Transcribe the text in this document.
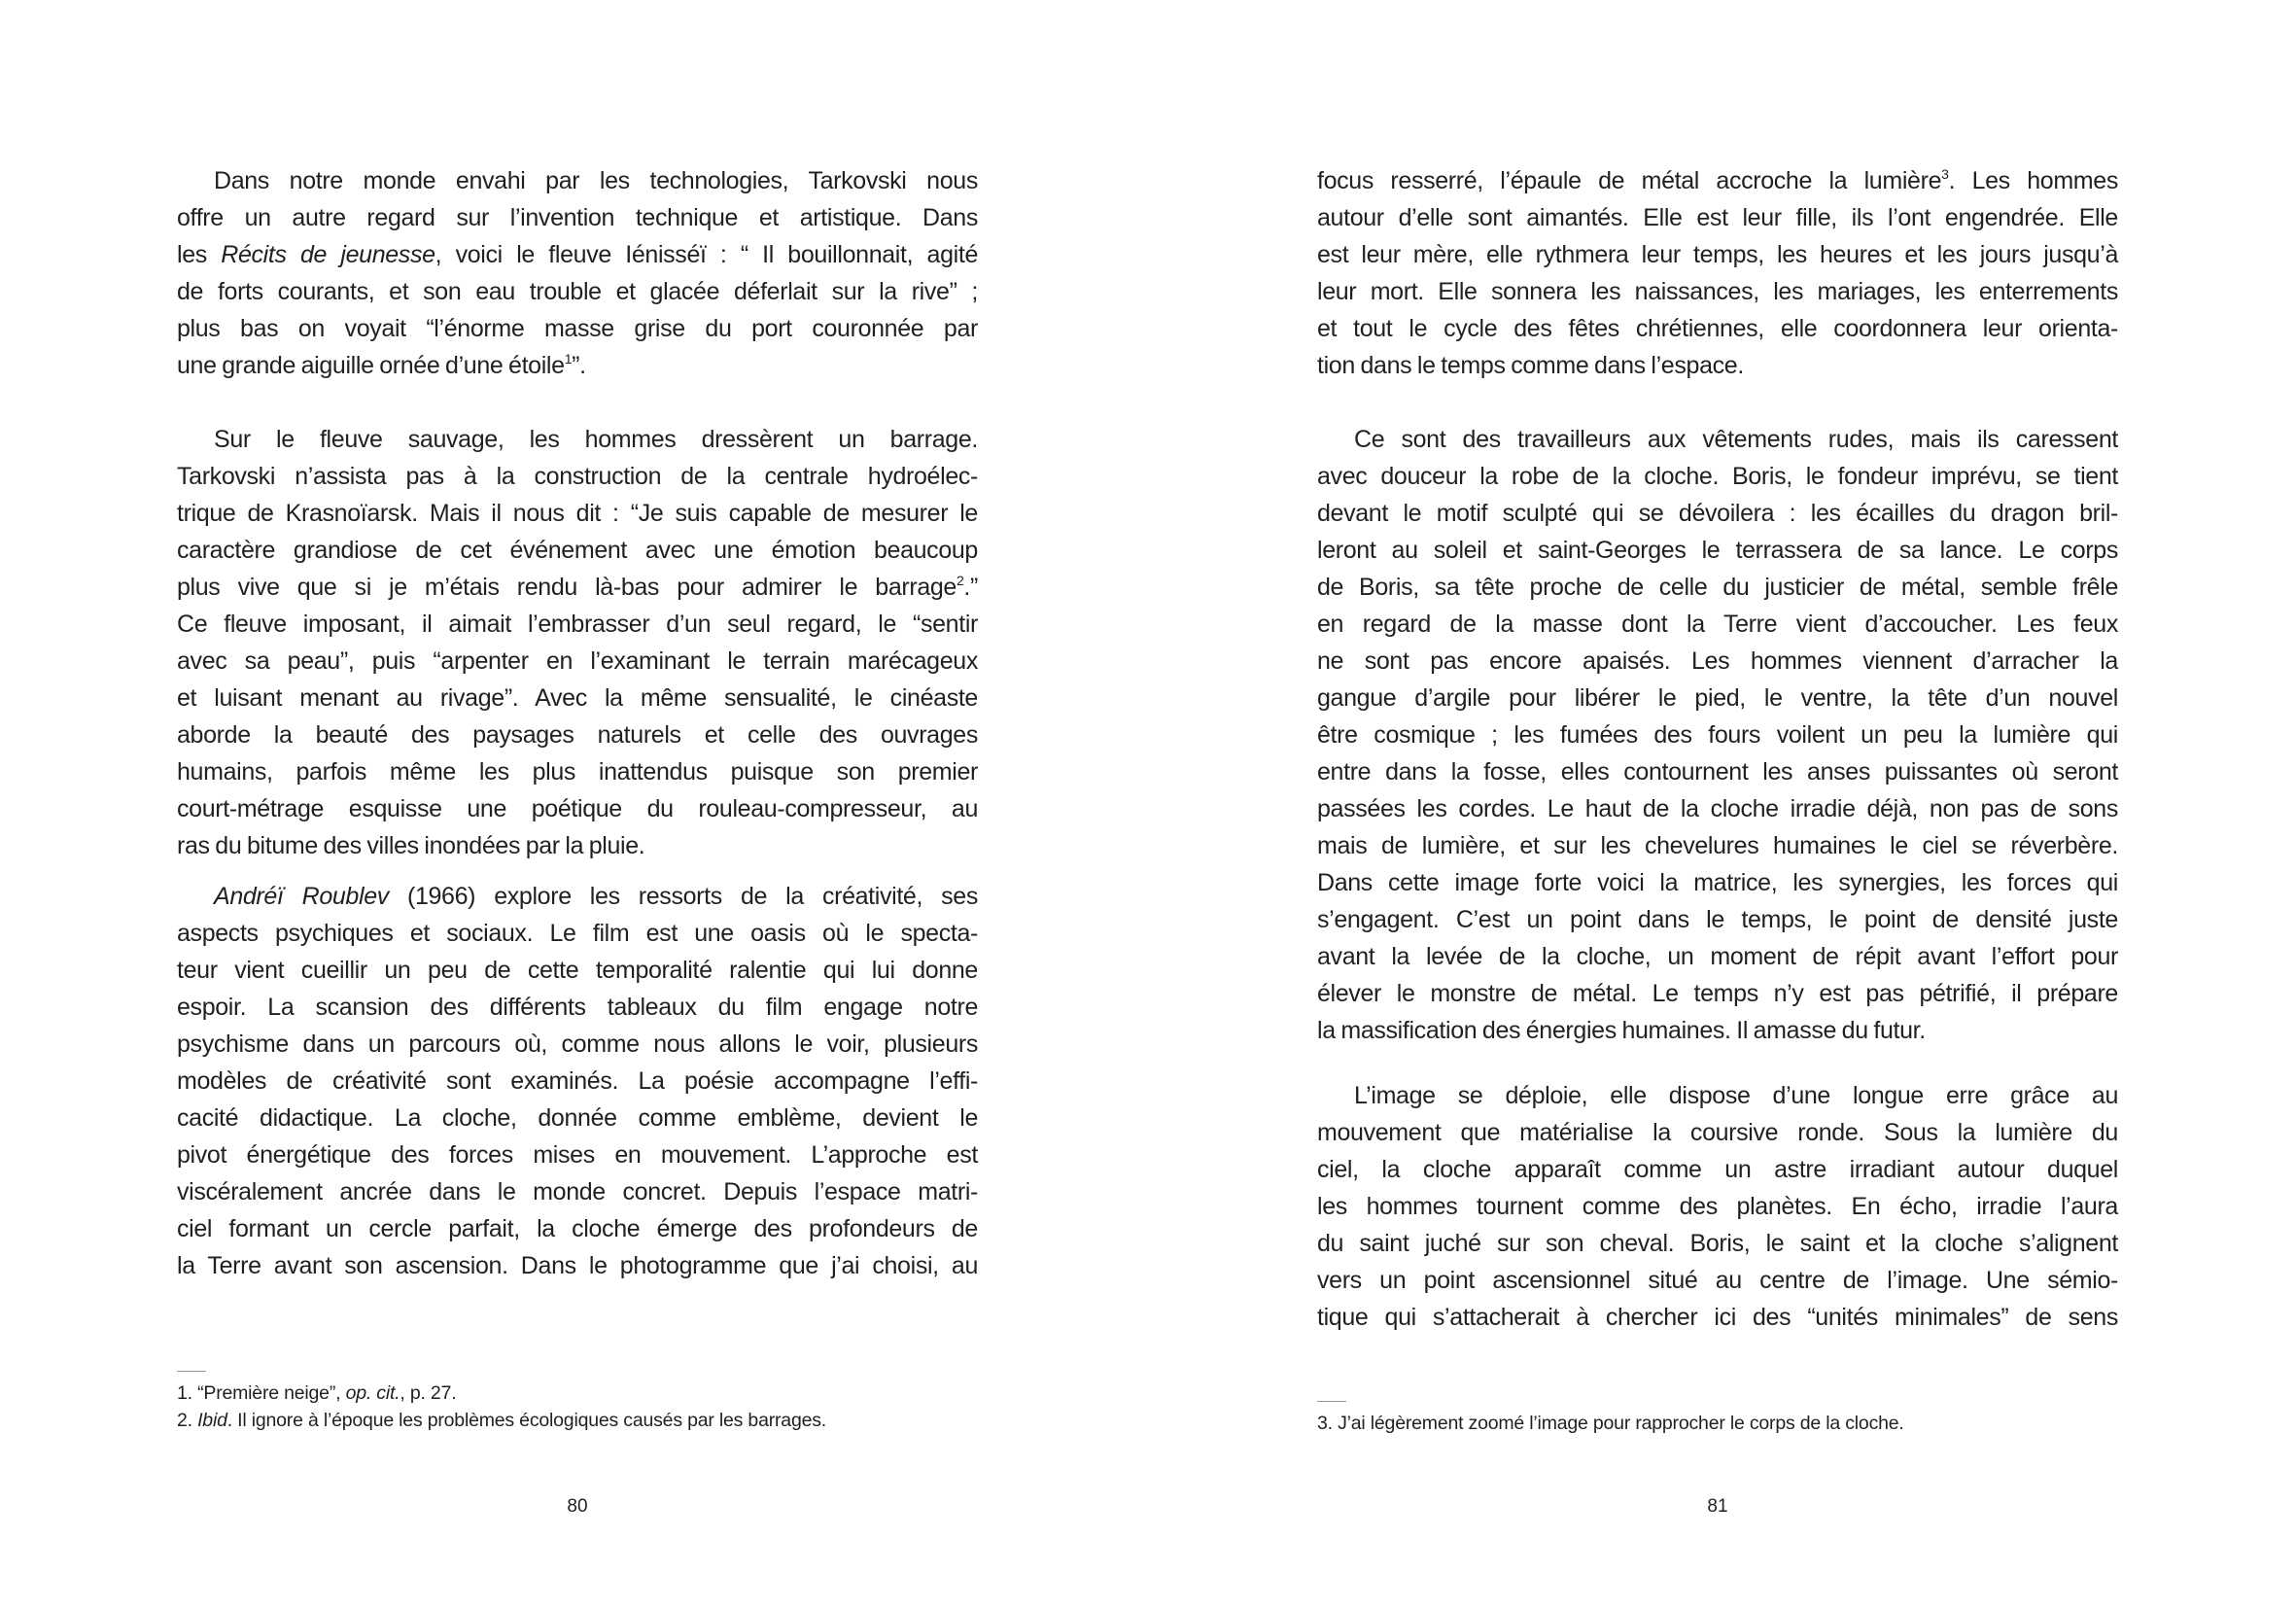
Dans notre monde envahi par les technologies, Tarkovski nous
offre un autre regard sur l’invention technique et artistique. Dans
les Récits de jeunesse, voici le fleuve Iénisséï : “ Il bouillonnait, agité
de forts courants, et son eau trouble et glacée déferlait sur la rive” ;
plus bas on voyait “l’énorme masse grise du port couronnée par
une grande aiguille ornée d’une étoile$^1$”.
Sur le fleuve sauvage, les hommes dressèrent un barrage.
Tarkovski n’assista pas à la construction de la centrale hydroélec-
trique de Krasnoïarsk. Mais il nous dit : “Je suis capable de mesurer le
caractère grandiose de cet événement avec une émotion beaucoup
plus vive que si je m’étais rendu là-bas pour admirer le barrage$^2$.”
Ce fleuve imposant, il aimait l’embrasser d’un seul regard, le “sentir
avec sa peau”, puis “arpenter en l’examinant le terrain marécageux
et luisant menant au rivage”. Avec la même sensualité, le cinéaste
aborde la beauté des paysages naturels et celle des ouvrages
humains, parfois même les plus inattendus puisque son premier
court-métrage esquisse une poétique du rouleau-compresseur, au
ras du bitume des villes inondées par la pluie.
Andréï Roublev (1966) explore les ressorts de la créativité, ses
aspects psychiques et sociaux. Le film est une oasis où le specta-
teur vient cueillir un peu de cette temporalité ralentie qui lui donne
espoir. La scansion des différents tableaux du film engage notre
psychisme dans un parcours où, comme nous allons le voir, plusieurs
modèles de créativité sont examinés. La poésie accompagne l’effi-
cacité didactique. La cloche, donnée comme emblème, devient le
pivot énergétique des forces mises en mouvement. L’approche est
viscéralement ancrée dans le monde concret. Depuis l’espace matri-
ciel formant un cercle parfait, la cloche émerge des profondeurs de
la Terre avant son ascension. Dans le photogramme que j’ai choisi, au
1. “Première neige”, op. cit., p. 27.
2. Ibid. Il ignore à l’époque les problèmes écologiques causés par les barrages.
80
focus resserré, l’épaule de métal accroche la lumière$^3$. Les hommes
autour d’elle sont aimantés. Elle est leur fille, ils l’ont engendrée. Elle
est leur mère, elle rythmera leur temps, les heures et les jours jusqu’à
leur mort. Elle sonnera les naissances, les mariages, les enterrements
et tout le cycle des fêtes chrétiennes, elle coordonnera leur orienta-
tion dans le temps comme dans l’espace.
Ce sont des travailleurs aux vêtements rudes, mais ils caressent
avec douceur la robe de la cloche. Boris, le fondeur imprévu, se tient
devant le motif sculpté qui se dévoilera : les écailles du dragon bril-
leront au soleil et saint-Georges le terrassera de sa lance. Le corps
de Boris, sa tête proche de celle du justicier de métal, semble frêle
en regard de la masse dont la Terre vient d’accoucher. Les feux
ne sont pas encore apaisés. Les hommes viennent d’arracher la
gangue d’argile pour libérer le pied, le ventre, la tête d’un nouvel
être cosmique ; les fumées des fours voilent un peu la lumière qui
entre dans la fosse, elles contournent les anses puissantes où seront
passées les cordes. Le haut de la cloche irradie déjà, non pas de sons
mais de lumière, et sur les chevelures humaines le ciel se réverbère.
Dans cette image forte voici la matrice, les synergies, les forces qui
s’engagent. C’est un point dans le temps, le point de densité juste
avant la levée de la cloche, un moment de répit avant l’effort pour
élever le monstre de métal. Le temps n’y est pas pétrifié, il prépare
la massification des énergies humaines. Il amasse du futur.
L’image se déploie, elle dispose d’une longue erre grâce au
mouvement que matérialise la coursive ronde. Sous la lumière du
ciel, la cloche apparaît comme un astre irradiant autour duquel
les hommes tournent comme des planètes. En écho, irradie l’aura
du saint juché sur son cheval. Boris, le saint et la cloche s’alignent
vers un point ascensionnel situé au centre de l’image. Une sémio-
tique qui s’attacherait à chercher ici des “unités minimales” de sens
3. J’ai légèrement zoomé l’image pour rapprocher le corps de la cloche.
81
